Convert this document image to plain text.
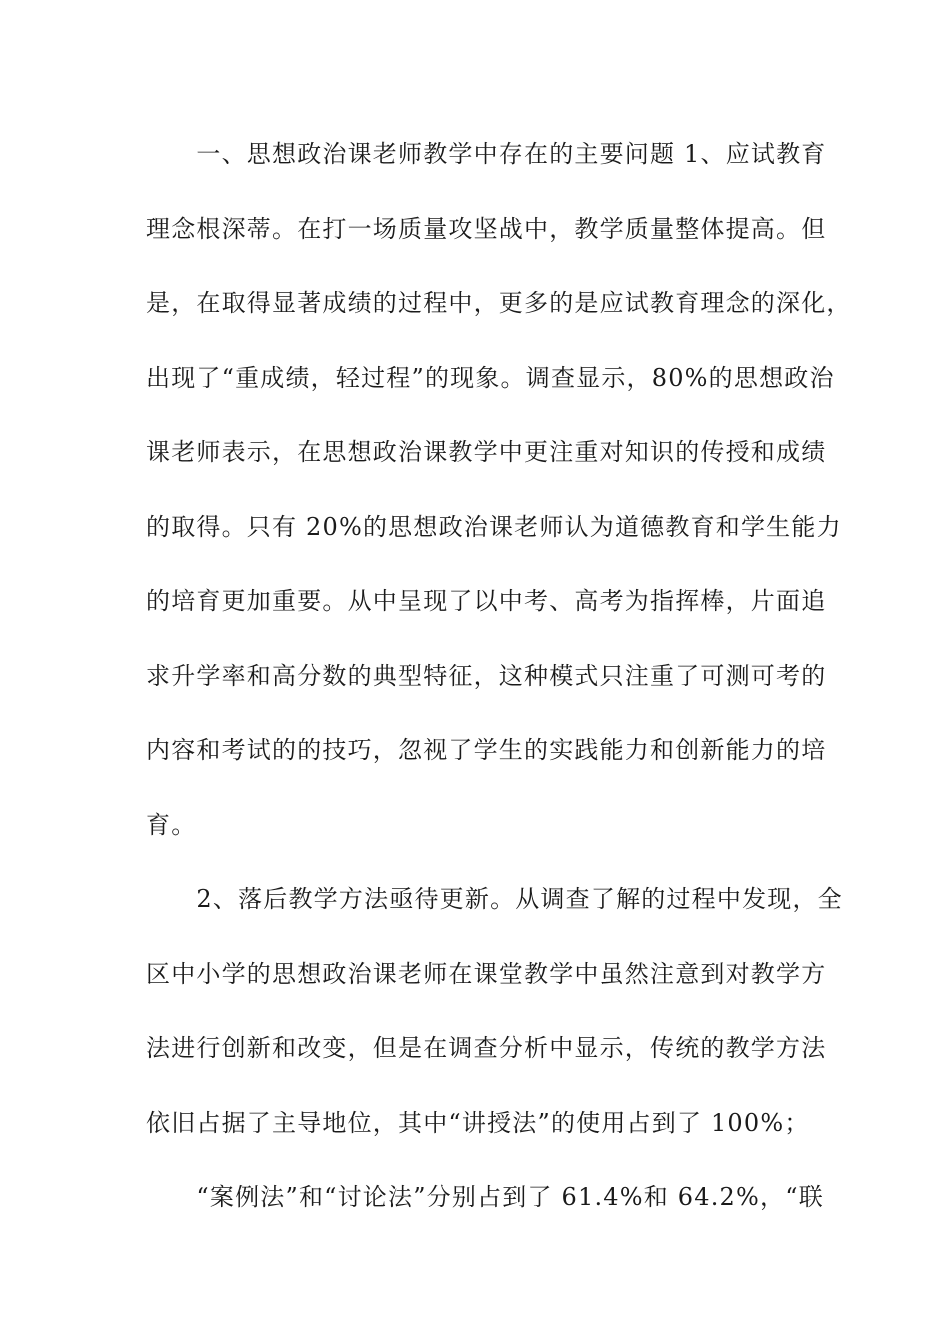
　　一、思想政治课老师教学中存在的主要问题 1、应试教育
理念根深蒂。在打一场质量攻坚战中，教学质量整体提高。但
是，在取得显著成绩的过程中，更多的是应试教育理念的深化，
出现了“重成绩，轻过程”的现象。调查显示，80%的思想政治
课老师表示，在思想政治课教学中更注重对知识的传授和成绩
的取得。只有 20%的思想政治课老师认为道德教育和学生能力
的培育更加重要。从中呈现了以中考、高考为指挥棒，片面追
求升学率和高分数的典型特征，这种模式只注重了可测可考的
内容和考试的的技巧，忽视了学生的实践能力和创新能力的培
育。
　　2、落后教学方法亟待更新。从调查了解的过程中发现，全
区中小学的思想政治课老师在课堂教学中虽然注意到对教学方
法进行创新和改变，但是在调查分析中显示，传统的教学方法
依旧占据了主导地位，其中“讲授法”的使用占到了 100%；
　　“案例法”和“讨论法”分别占到了 61.4%和 64.2%，“联
